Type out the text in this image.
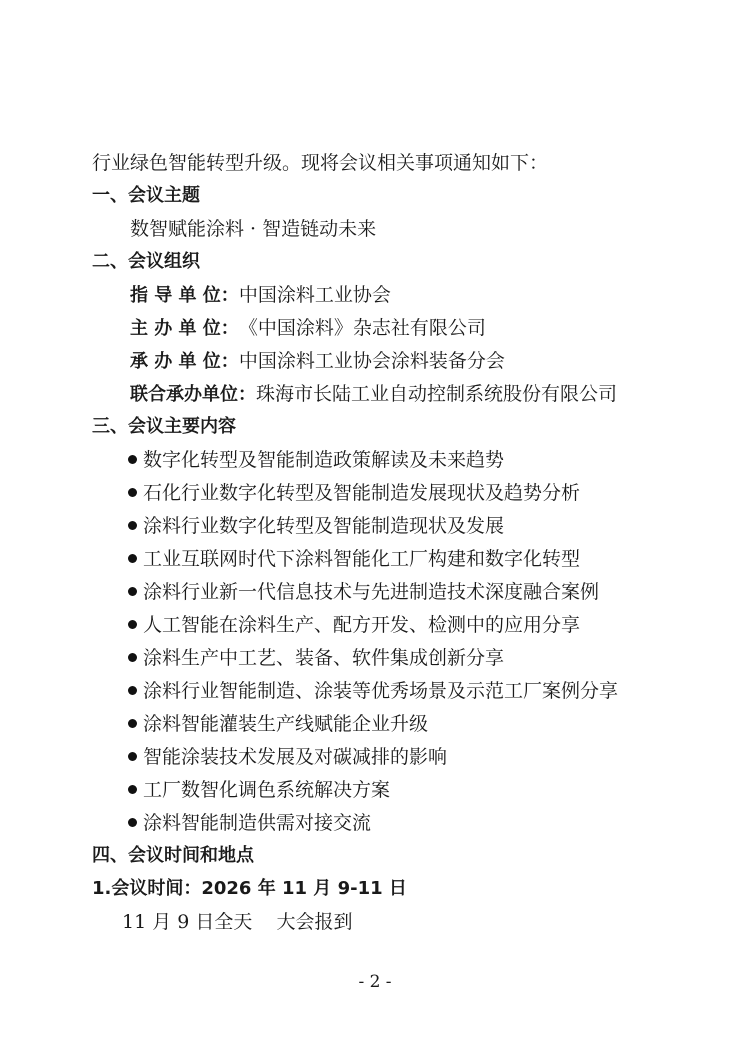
行业绿色智能转型升级。现将会议相关事项通知如下：
一、会议主题
数智赋能涂料 · 智造链动未来
二、会议组织
指 导 单 位：中国涂料工业协会
主 办 单 位：《中国涂料》杂志社有限公司
承 办 单 位：中国涂料工业协会涂料装备分会
联合承办单位：珠海市长陆工业自动控制系统股份有限公司
三、会议主要内容
数字化转型及智能制造政策解读及未来趋势
石化行业数字化转型及智能制造发展现状及趋势分析
涂料行业数字化转型及智能制造现状及发展
工业互联网时代下涂料智能化工厂构建和数字化转型
涂料行业新一代信息技术与先进制造技术深度融合案例
人工智能在涂料生产、配方开发、检测中的应用分享
涂料生产中工艺、装备、软件集成创新分享
涂料行业智能制造、涂装等优秀场景及示范工厂案例分享
涂料智能灌装生产线赋能企业升级
智能涂装技术发展及对碳减排的影响
工厂数智化调色系统解决方案
涂料智能制造供需对接交流
四、会议时间和地点
1.会议时间：2026 年 11 月 9-11 日
11 月 9 日全天    大会报到
- 2 -
